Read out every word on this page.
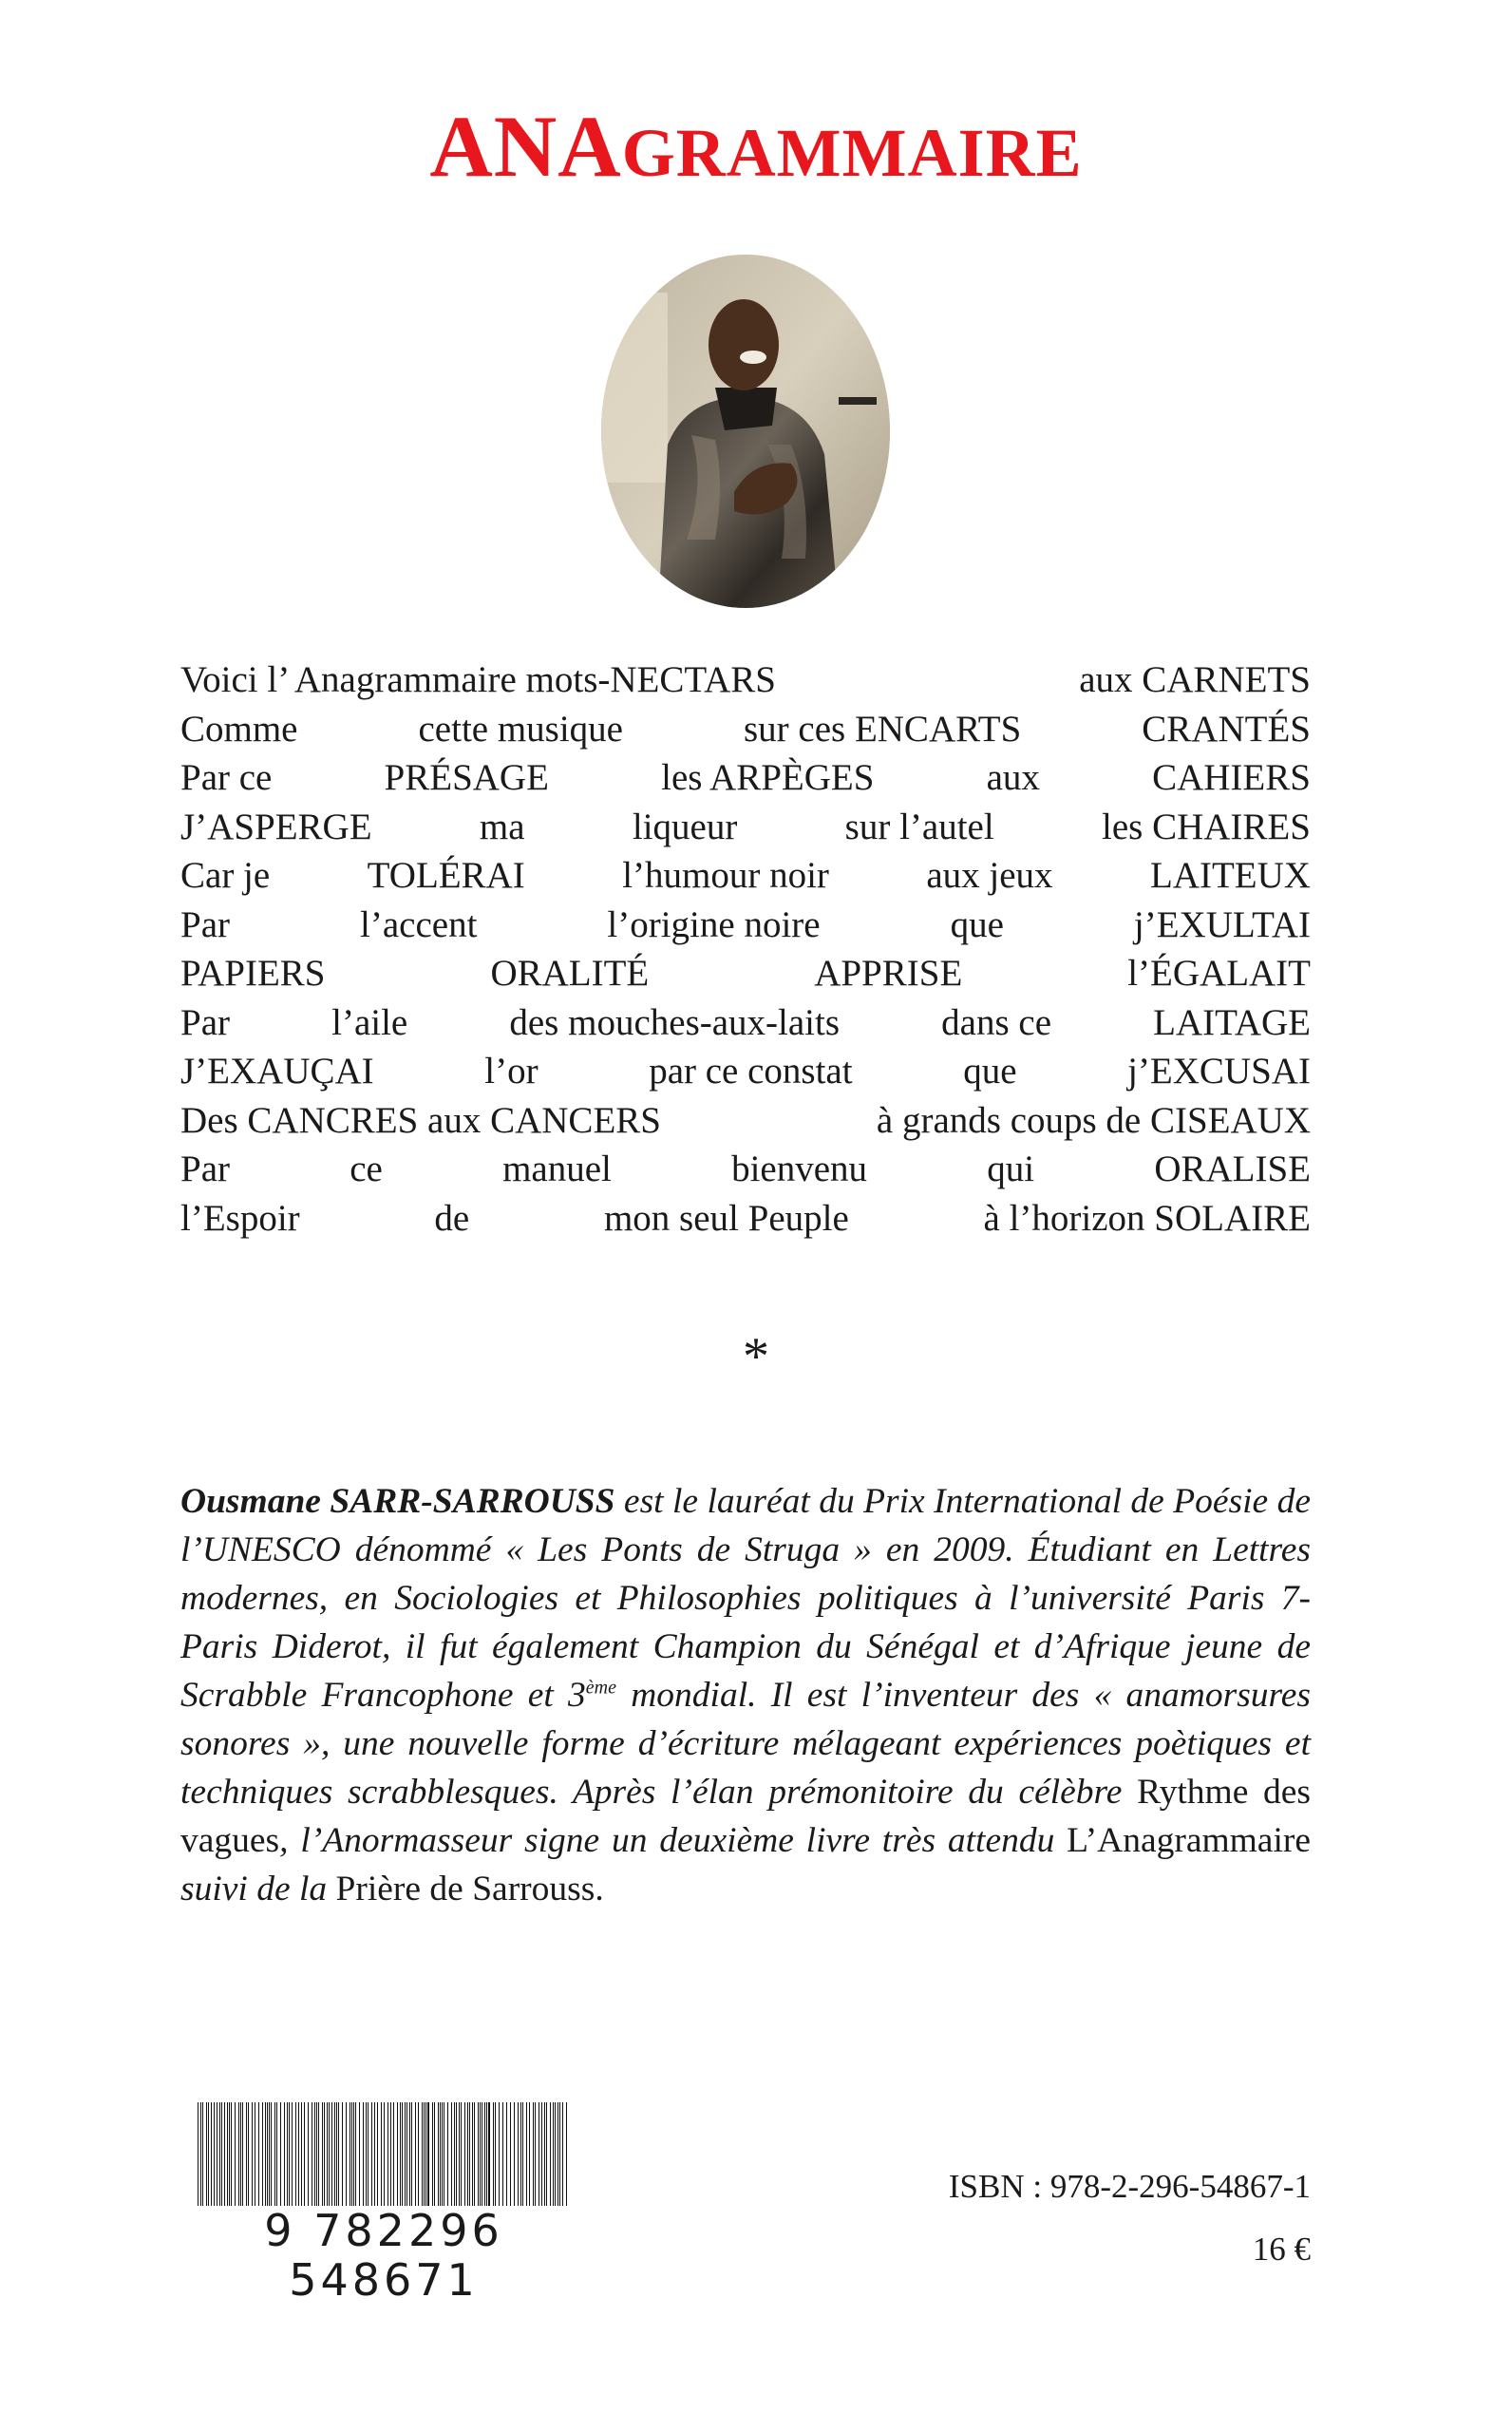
ANAGRAMMAIRE
Voici l’ Anagrammaire mots-NECTARS	aux CARNETS
Comme	cette musique	sur ces ENCARTS	CRANTÉS
Par ce	PRÉSAGE	les ARPÈGES	aux	CAHIERS
J’ASPERGE	ma	liqueur	sur l’autel	les CHAIRES
Car je	TOLÉRAI	l’humour noir	aux jeux	LAITEUX
Par	l’accent	l’origine noire	que	j’EXULTAI
PAPIERS	ORALITÉ	APPRISE	l’ÉGALAIT
Par	l’aile	des mouches-aux-laits	dans ce	LAITAGE
J’EXAUÇAI	l’or	par ce constat	que	j’EXCUSAI
Des CANCRES aux CANCERS	à grands coups de CISEAUX
Par	ce	manuel	bienvenu	qui	ORALISE
l’Espoir	de	mon seul Peuple	à l’horizon SOLAIRE
*
Ousmane SARR-SARROUSS est le lauréat du Prix International de Poésie de l’UNESCO dénommé « Les Ponts de Struga » en 2009. Étudiant en Lettres modernes, en Sociologies et Philosophies politiques à l’université Paris 7-Paris Diderot, il fut également Champion du Sénégal et d’Afrique jeune de Scrabble Francophone et 3ème mondial. Il est l’inventeur des « anamorsures sonores », une nouvelle forme d’écriture mélageant expériences poètiques et techniques scrabblesques. Après l’élan prémonitoire du célèbre Rythme des vagues, l’Anormasseur signe un deuxième livre très attendu L’Anagrammaire suivi de la Prière de Sarrouss.
9 782296 548671
ISBN : 978-2-296-54867-1
16 €
